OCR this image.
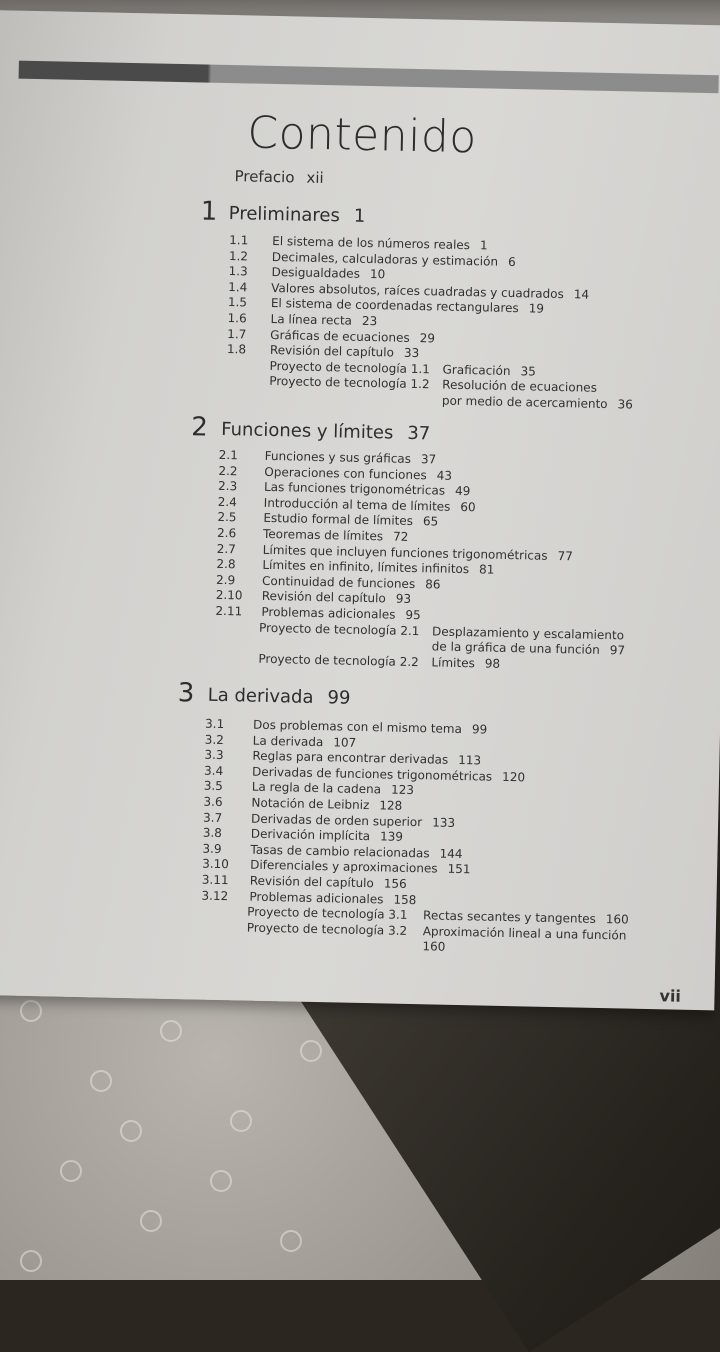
Contenido
Prefacio xii
1 Preliminares 1
1.1 El sistema de los números reales 1
1.2 Decimales, calculadoras y estimación 6
1.3 Desigualdades 10
1.4 Valores absolutos, raíces cuadradas y cuadrados 14
1.5 El sistema de coordenadas rectangulares 19
1.6 La línea recta 23
1.7 Gráficas de ecuaciones 29
1.8 Revisión del capítulo 33
Proyecto de tecnología 1.1 Graficación 35
Proyecto de tecnología 1.2 Resolución de ecuaciones
por medio de acercamiento 36
2 Funciones y límites 37
2.1 Funciones y sus gráficas 37
2.2 Operaciones con funciones 43
2.3 Las funciones trigonométricas 49
2.4 Introducción al tema de límites 60
2.5 Estudio formal de límites 65
2.6 Teoremas de límites 72
2.7 Límites que incluyen funciones trigonométricas 77
2.8 Límites en infinito, límites infinitos 81
2.9 Continuidad de funciones 86
2.10 Revisión del capítulo 93
2.11 Problemas adicionales 95
Proyecto de tecnología 2.1 Desplazamiento y escalamiento
de la gráfica de una función 97
Proyecto de tecnología 2.2 Límites 98
3 La derivada 99
3.1 Dos problemas con el mismo tema 99
3.2 La derivada 107
3.3 Reglas para encontrar derivadas 113
3.4 Derivadas de funciones trigonométricas 120
3.5 La regla de la cadena 123
3.6 Notación de Leibniz 128
3.7 Derivadas de orden superior 133
3.8 Derivación implícita 139
3.9 Tasas de cambio relacionadas 144
3.10 Diferenciales y aproximaciones 151
3.11 Revisión del capítulo 156
3.12 Problemas adicionales 158
Proyecto de tecnología 3.1 Rectas secantes y tangentes 160
Proyecto de tecnología 3.2 Aproximación lineal a una función
160
vii
